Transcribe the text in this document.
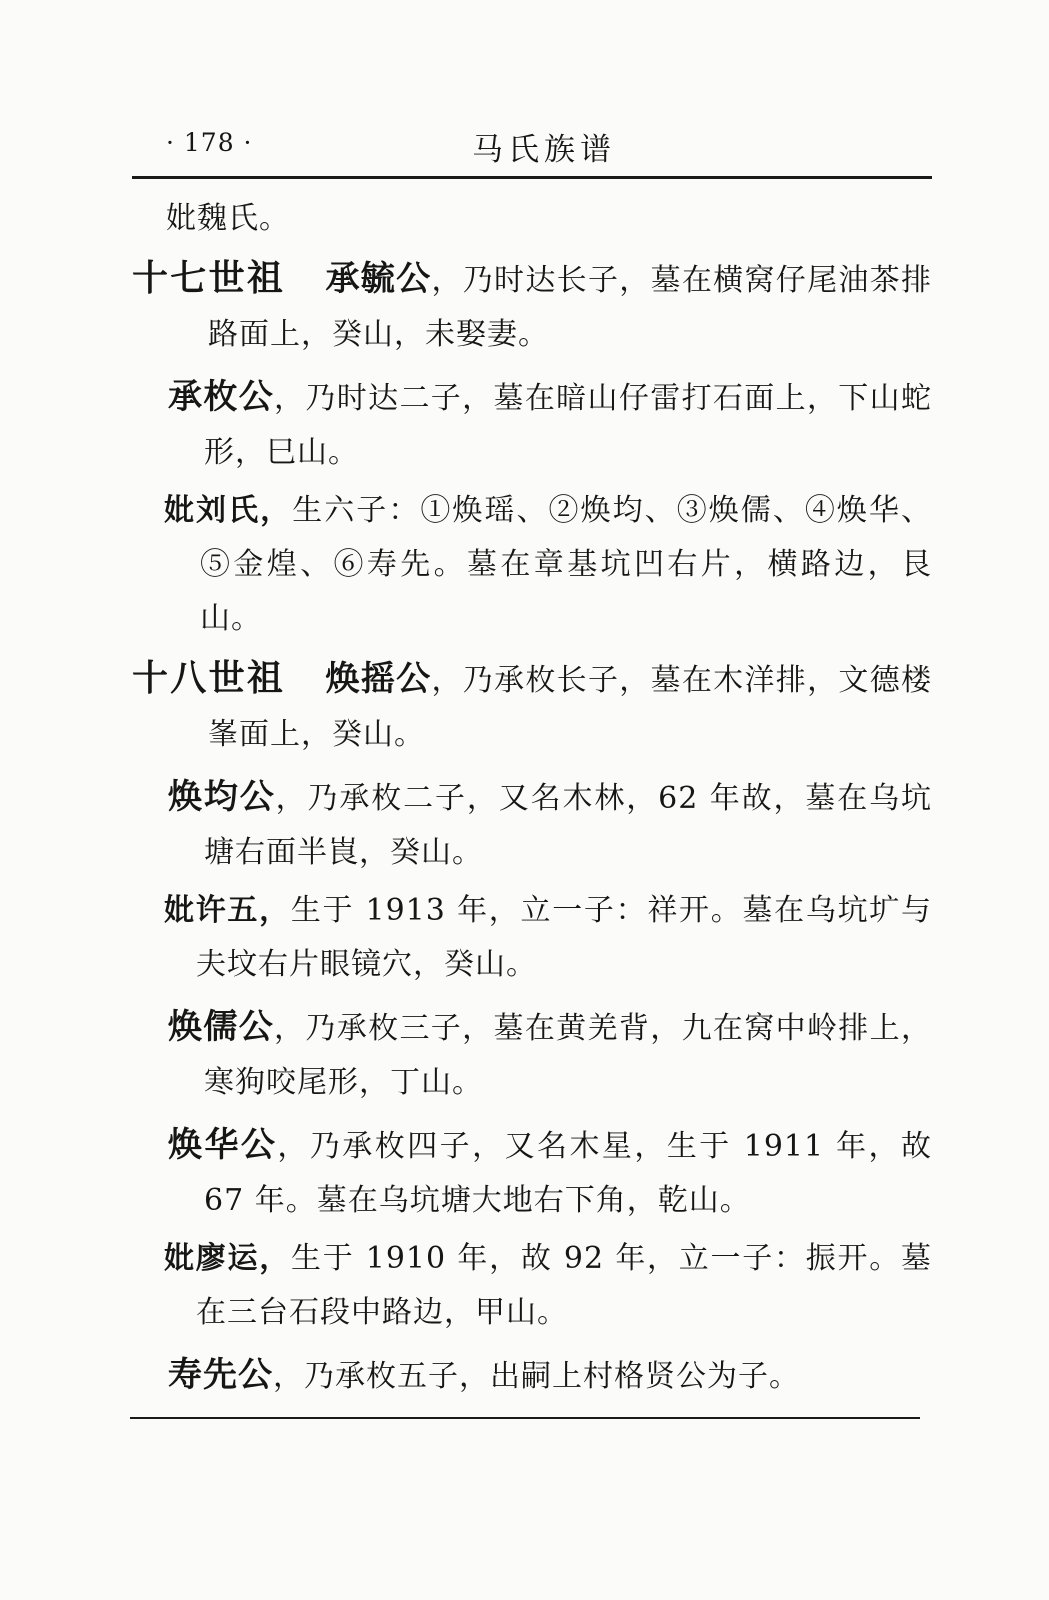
· 178 ·	马氏族谱
妣魏氏。
十七世祖 承毓公，乃时达长子，墓在横窝仔尾油茶排路面上，癸山，未娶妻。
承枚公，乃时达二子，墓在暗山仔雷打石面上，下山蛇形，巳山。
妣刘氏，生六子：①焕瑶、②焕均、③焕儒、④焕华、⑤金煌、⑥寿先。墓在章基坑凹右片，横路边，艮山。
十八世祖 焕摇公，乃承枚长子，墓在木洋排，文德楼峯面上，癸山。
焕均公，乃承枚二子，又名木林，62 年故，墓在乌坑塘右面半崀，癸山。
妣许五，生于 1913 年，立一子：祥开。墓在乌坑圹与夫坟右片眼镜穴，癸山。
焕儒公，乃承枚三子，墓在黄羌背，九在窝中岭排上，寒狗咬尾形，丁山。
焕华公，乃承枚四子，又名木星，生于 1911 年，故 67 年。墓在乌坑塘大地右下角，乾山。
妣廖运，生于 1910 年，故 92 年，立一子：振开。墓在三台石段中路边，甲山。
寿先公，乃承枚五子，出嗣上村格贤公为子。
